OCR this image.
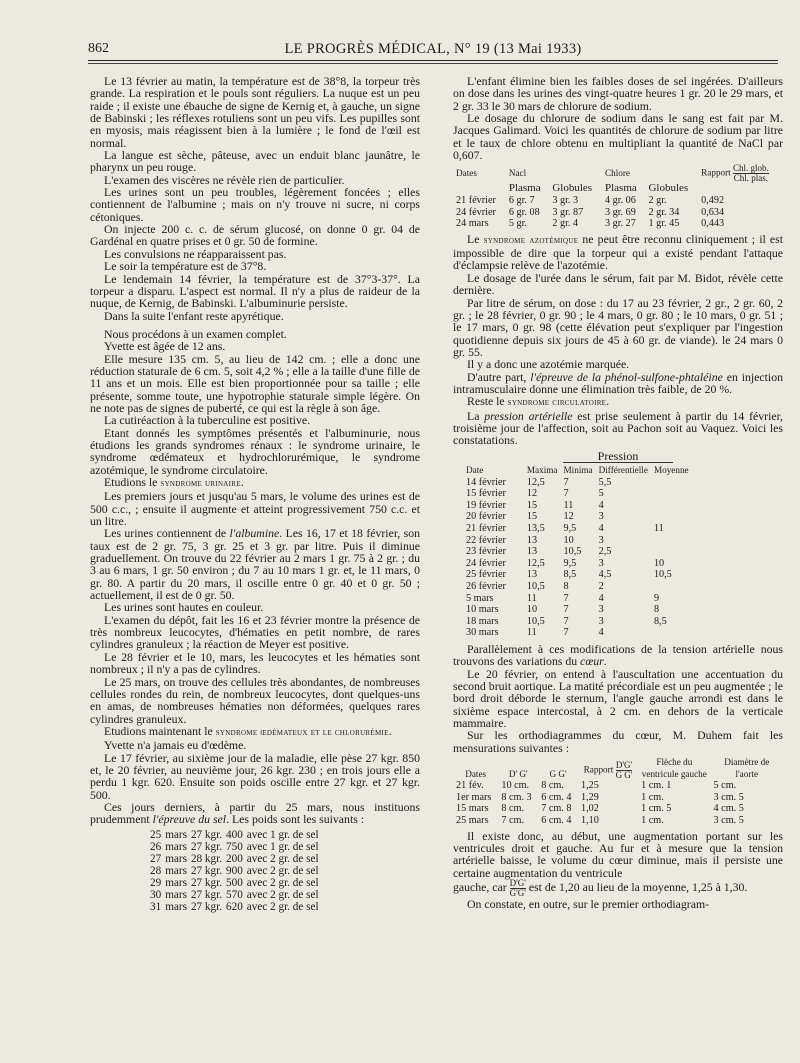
862	LE PROGRÈS MÉDICAL, N° 19 (13 Mai 1933)

Le 13 février au matin, la température est de 38°8, la torpeur très grande. La respiration et le pouls sont réguliers. La nuque est un peu raide ; il existe une ébauche de signe de Kernig et, à gauche, un signe de Babinski ; les réflexes rotuliens sont un peu vifs. Les pupilles sont en myosis, mais réagissent bien à la lumière ; le fond de l'œil est normal.

La langue est sèche, pâteuse, avec un enduit blanc jaunâtre, le pharynx un peu rouge.

L'examen des viscères ne révèle rien de particulier.

Les urines sont un peu troubles, légèrement foncées ; elles contiennent de l'albumine ; mais on n'y trouve ni sucre, ni corps cétoniques.

On injecte 200 c. c. de sérum glucosé, on donne 0 gr. 04 de Gardénal en quatre prises et 0 gr. 50 de formine.

Les convulsions ne réapparaissent pas.

Le soir la température est de 37°8.

Le lendemain 14 février, la température est de 37°3-37°. La torpeur a disparu. L'aspect est normal. Il n'y a plus de raideur de la nuque, de Kernig, de Babinski. L'albuminurie persiste.

Dans la suite l'enfant reste apyrétique.

Nous procédons à un examen complet.

Yvette est âgée de 12 ans.

Elle mesure 135 cm. 5, au lieu de 142 cm. ; elle a donc une réduction staturale de 6 cm. 5, soit 4,2 % ; elle a la taille d'une fille de 11 ans et un mois. Elle est bien proportionnée pour sa taille ; elle présente, somme toute, une hypotrophie staturale simple légère. On ne note pas de signes de puberté, ce qui est la règle à son âge.

La cutiréaction à la tuberculine est positive.

Etant donnés les symptômes présentés et l'albuminurie, nous étudions les grands syndromes rénaux : le syndrome urinaire, le syndrome œdémateux et hydrochlorurémique, le syndrome azotémique, le syndrome circulatoire.

Etudions le syndrome urinaire.

Les premiers jours et jusqu'au 5 mars, le volume des urines est de 500 c.c., ; ensuite il augmente et atteint progressivement 750 c.c. et un litre.

Les urines contiennent de l'albumine. Les 16, 17 et 18 février, son taux est de 2 gr. 75, 3 gr. 25 et 3 gr. par litre. Puis il diminue graduellement. On trouve du 22 février au 2 mars 1 gr. 75 à 2 gr. ; du 3 au 6 mars, 1 gr. 50 environ ; du 7 au 10 mars 1 gr. et, le 11 mars, 0 gr. 80. A partir du 20 mars, il oscille entre 0 gr. 40 et 0 gr. 50 ; actuellement, il est de 0 gr. 50.

Les urines sont hautes en couleur.

L'examen du dépôt, fait les 16 et 23 février montre la présence de très nombreux leucocytes, d'hématies en petit nombre, de rares cylindres granuleux ; la réaction de Meyer est positive.

Le 28 février et le 10, mars, les leucocytes et les hématies sont nombreux ; il n'y a pas de cylindres.

Le 25 mars, on trouve des cellules très abondantes, de nombreuses cellules rondes du rein, de nombreux leucocytes, dont quelques-uns en amas, de nombreuses hématies non déformées, quelques rares cylindres granuleux.

Etudions maintenant le syndrome œdémateux et le chlorurémie.

Yvette n'a jamais eu d'œdème.

Le 17 février, au sixième jour de la maladie, elle pèse 27 kgr. 850 et, le 20 février, au neuvième jour, 26 kgr. 230 ; en trois jours elle a perdu 1 kgr. 620. Ensuite son poids oscille entre 27 kgr. et 27 kgr. 500.

Ces jours derniers, à partir du 25 mars, nous instituons prudemment l'épreuve du sel. Les poids sont les suivants :

25	mars	27 kgr.	400	avec 1 gr. de sel
26	mars	27 kgr.	750	avec 1 gr. de sel
27	mars	28 kgr.	200	avec 2 gr. de sel
28	mars	27 kgr.	900	avec 2 gr. de sel
29	mars	27 kgr.	500	avec 2 gr. de sel
30	mars	27 kgr.	570	avec 2 gr. de sel
31	mars	27 kgr.	620	avec 2 gr. de sel

L'enfant élimine bien les faibles doses de sel ingérées. D'ailleurs on dose dans les urines des vingt-quatre heures 1 gr. 20 le 29 mars, et 2 gr. 33 le 30 mars de chlorure de sodium.

Le dosage du chlorure de sodium dans le sang est fait par M. Jacques Galimard. Voici les quantités de chlorure de sodium par litre et le taux de chlore obtenu en multipliant la quantité de NaCl par 0,607.

Dates	Nacl		Chlore		Rapport $\frac{\text{Chl. glob.}}{\text{Chl. plas.}}$

	Plasma	Globules	Plasma	Globules	
21 février	6 gr. 7	3 gr. 3	4 gr. 06	2 gr.	0,492
24 février	6 gr. 08	3 gr. 87	3 gr. 69	2 gr. 34	0,634
24 mars	5 gr.	2 gr. 4	3 gr. 27	1 gr. 45	0,443

Le syndrome azotémique ne peut être reconnu cliniquement ; il est impossible de dire que la torpeur qui a existé pendant l'attaque d'éclampsie relève de l'azotémie.

Le dosage de l'urée dans le sérum, fait par M. Bidot, révèle cette dernière.

Par litre de sérum, on dose : du 17 au 23 février, 2 gr., 2 gr. 60, 2 gr. ; le 28 février, 0 gr. 90 ; le 4 mars, 0 gr. 80 ; le 10 mars, 0 gr. 51 ; le 17 mars, 0 gr. 98 (cette élévation peut s'expliquer par l'ingestion quotidienne depuis six jours de 45 à 60 gr. de viande). le 24 mars 0 gr. 55.

Il y a donc une azotémie marquée.

D'autre part, l'épreuve de la phénol-sulfone-phtaléine en injection intramusculaire donne une élimination très faible, de 20 %.

Reste le syndrome circulatoire.

La pression artérielle est prise seulement à partir du 14 février, troisième jour de l'affection, soit au Pachon soit au Vaquez. Voici les constatations.

Pression
Date	Maxima	Minima	Différentielle	Moyenne
14 février	12,5	7	5,5	
15 février	12	7	5	
19 février	15	11	4	
20 février	15	12	3	
21 février	13,5	9,5	4	11
22 février	13	10	3	
23 février	13	10,5	2,5	
24 février	12,5	9,5	3	10
25 février	13	8,5	4,5	10,5
26 février	10,5	8	2	
5 mars	11	7	4	9
10 mars	10	7	3	8
18 mars	10,5	7	3	8,5
30 mars	11	7	4	

Parallèlement à ces modifications de la tension artérielle nous trouvons des variations du cœur.

Le 20 février, on entend à l'auscultation une accentuation du second bruit aortique. La matité précordiale est un peu augmentée ; le bord droit déborde le sternum, l'angle gauche arrondi est dans le sixième espace intercostal, à 2 cm. en dehors de la verticale mammaire.

Sur les orthodiagrammes du cœur, M. Duhem fait les mensurations suivantes :

Dates	D' G'	G G'	Rapport $\frac{D'G'}{\text{G G'}}$	Flèche du ventricule gauche	Diamètre de l'aorte
21 fév.	10 cm.	8 cm.	1,25	1 cm. 1	5 cm.
1er mars	8 cm. 3	6 cm. 4	1,29	1 cm.	3 cm. 5
15 mars	8 cm.	7 cm. 8	1,02	1 cm. 5	4 cm. 5
25 mars	7 cm.	6 cm. 4	1,10	1 cm.	3 cm. 5

Il existe donc, au début, une augmentation portant sur les ventricules droit et gauche. Au fur et à mesure que la tension artérielle baisse, le volume du cœur diminue, mais il persiste une certaine augmentation du ventricule

gauche, car $\frac{D'G'}{G'G'}$ est de 1,20 au lieu de la moyenne, 1,25 à 1,30.

On constate, en outre, sur le premier orthodiagram-
